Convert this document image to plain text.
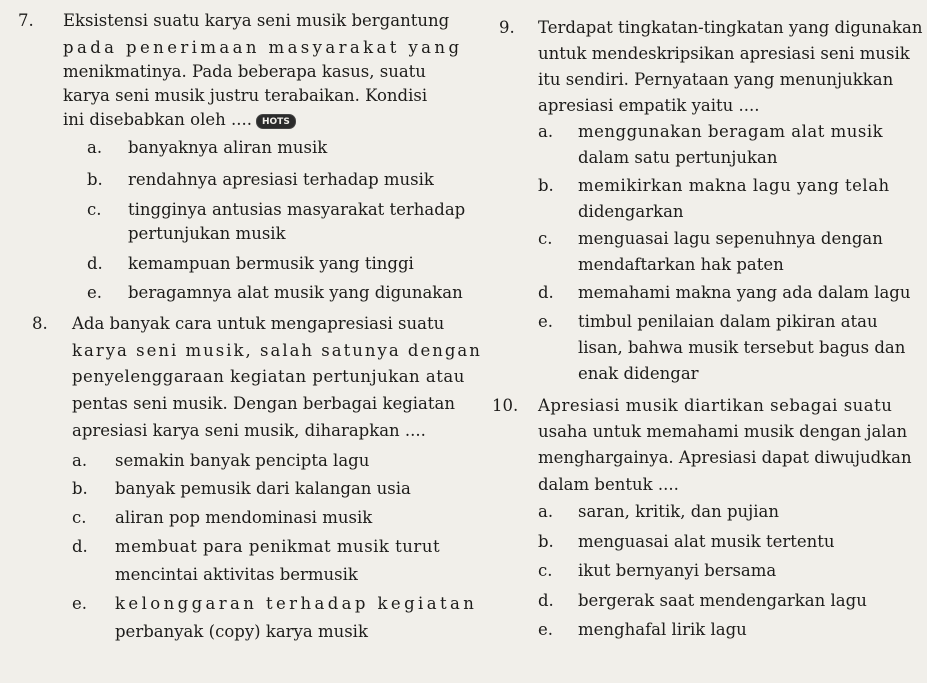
7. Eksistensi suatu karya seni musik bergantung
pada penerimaan masyarakat yang
menikmatinya. Pada beberapa kasus, suatu
karya seni musik justru terabaikan. Kondisi
ini disebabkan oleh .... HOTS
a. banyaknya aliran musik
b. rendahnya apresiasi terhadap musik
c. tingginya antusias masyarakat terhadap
pertunjukan musik
d. kemampuan bermusik yang tinggi
e. beragamnya alat musik yang digunakan
8. Ada banyak cara untuk mengapresiasi suatu
karya seni musik, salah satunya dengan
penyelenggaraan kegiatan pertunjukan atau
pentas seni musik. Dengan berbagai kegiatan
apresiasi karya seni musik, diharapkan ....
a. semakin banyak pencipta lagu
b. banyak pemusik dari kalangan usia
c. aliran pop mendominasi musik
d. membuat para penikmat musik turut
mencintai aktivitas bermusik
e. kelonggaran terhadap kegiatan
perbanyak (copy) karya musik
9. Terdapat tingkatan-tingkatan yang digunakan
untuk mendeskripsikan apresiasi seni musik
itu sendiri. Pernyataan yang menunjukkan
apresiasi empatik yaitu ....
a. menggunakan beragam alat musik
dalam satu pertunjukan
b. memikirkan makna lagu yang telah
didengarkan
c. menguasai lagu sepenuhnya dengan
mendaftarkan hak paten
d. memahami makna yang ada dalam lagu
e. timbul penilaian dalam pikiran atau
lisan, bahwa musik tersebut bagus dan
enak didengar
10. Apresiasi musik diartikan sebagai suatu
usaha untuk memahami musik dengan jalan
menghargainya. Apresiasi dapat diwujudkan
dalam bentuk ....
a. saran, kritik, dan pujian
b. menguasai alat musik tertentu
c. ikut bernyanyi bersama
d. bergerak saat mendengarkan lagu
e. menghafal lirik lagu
